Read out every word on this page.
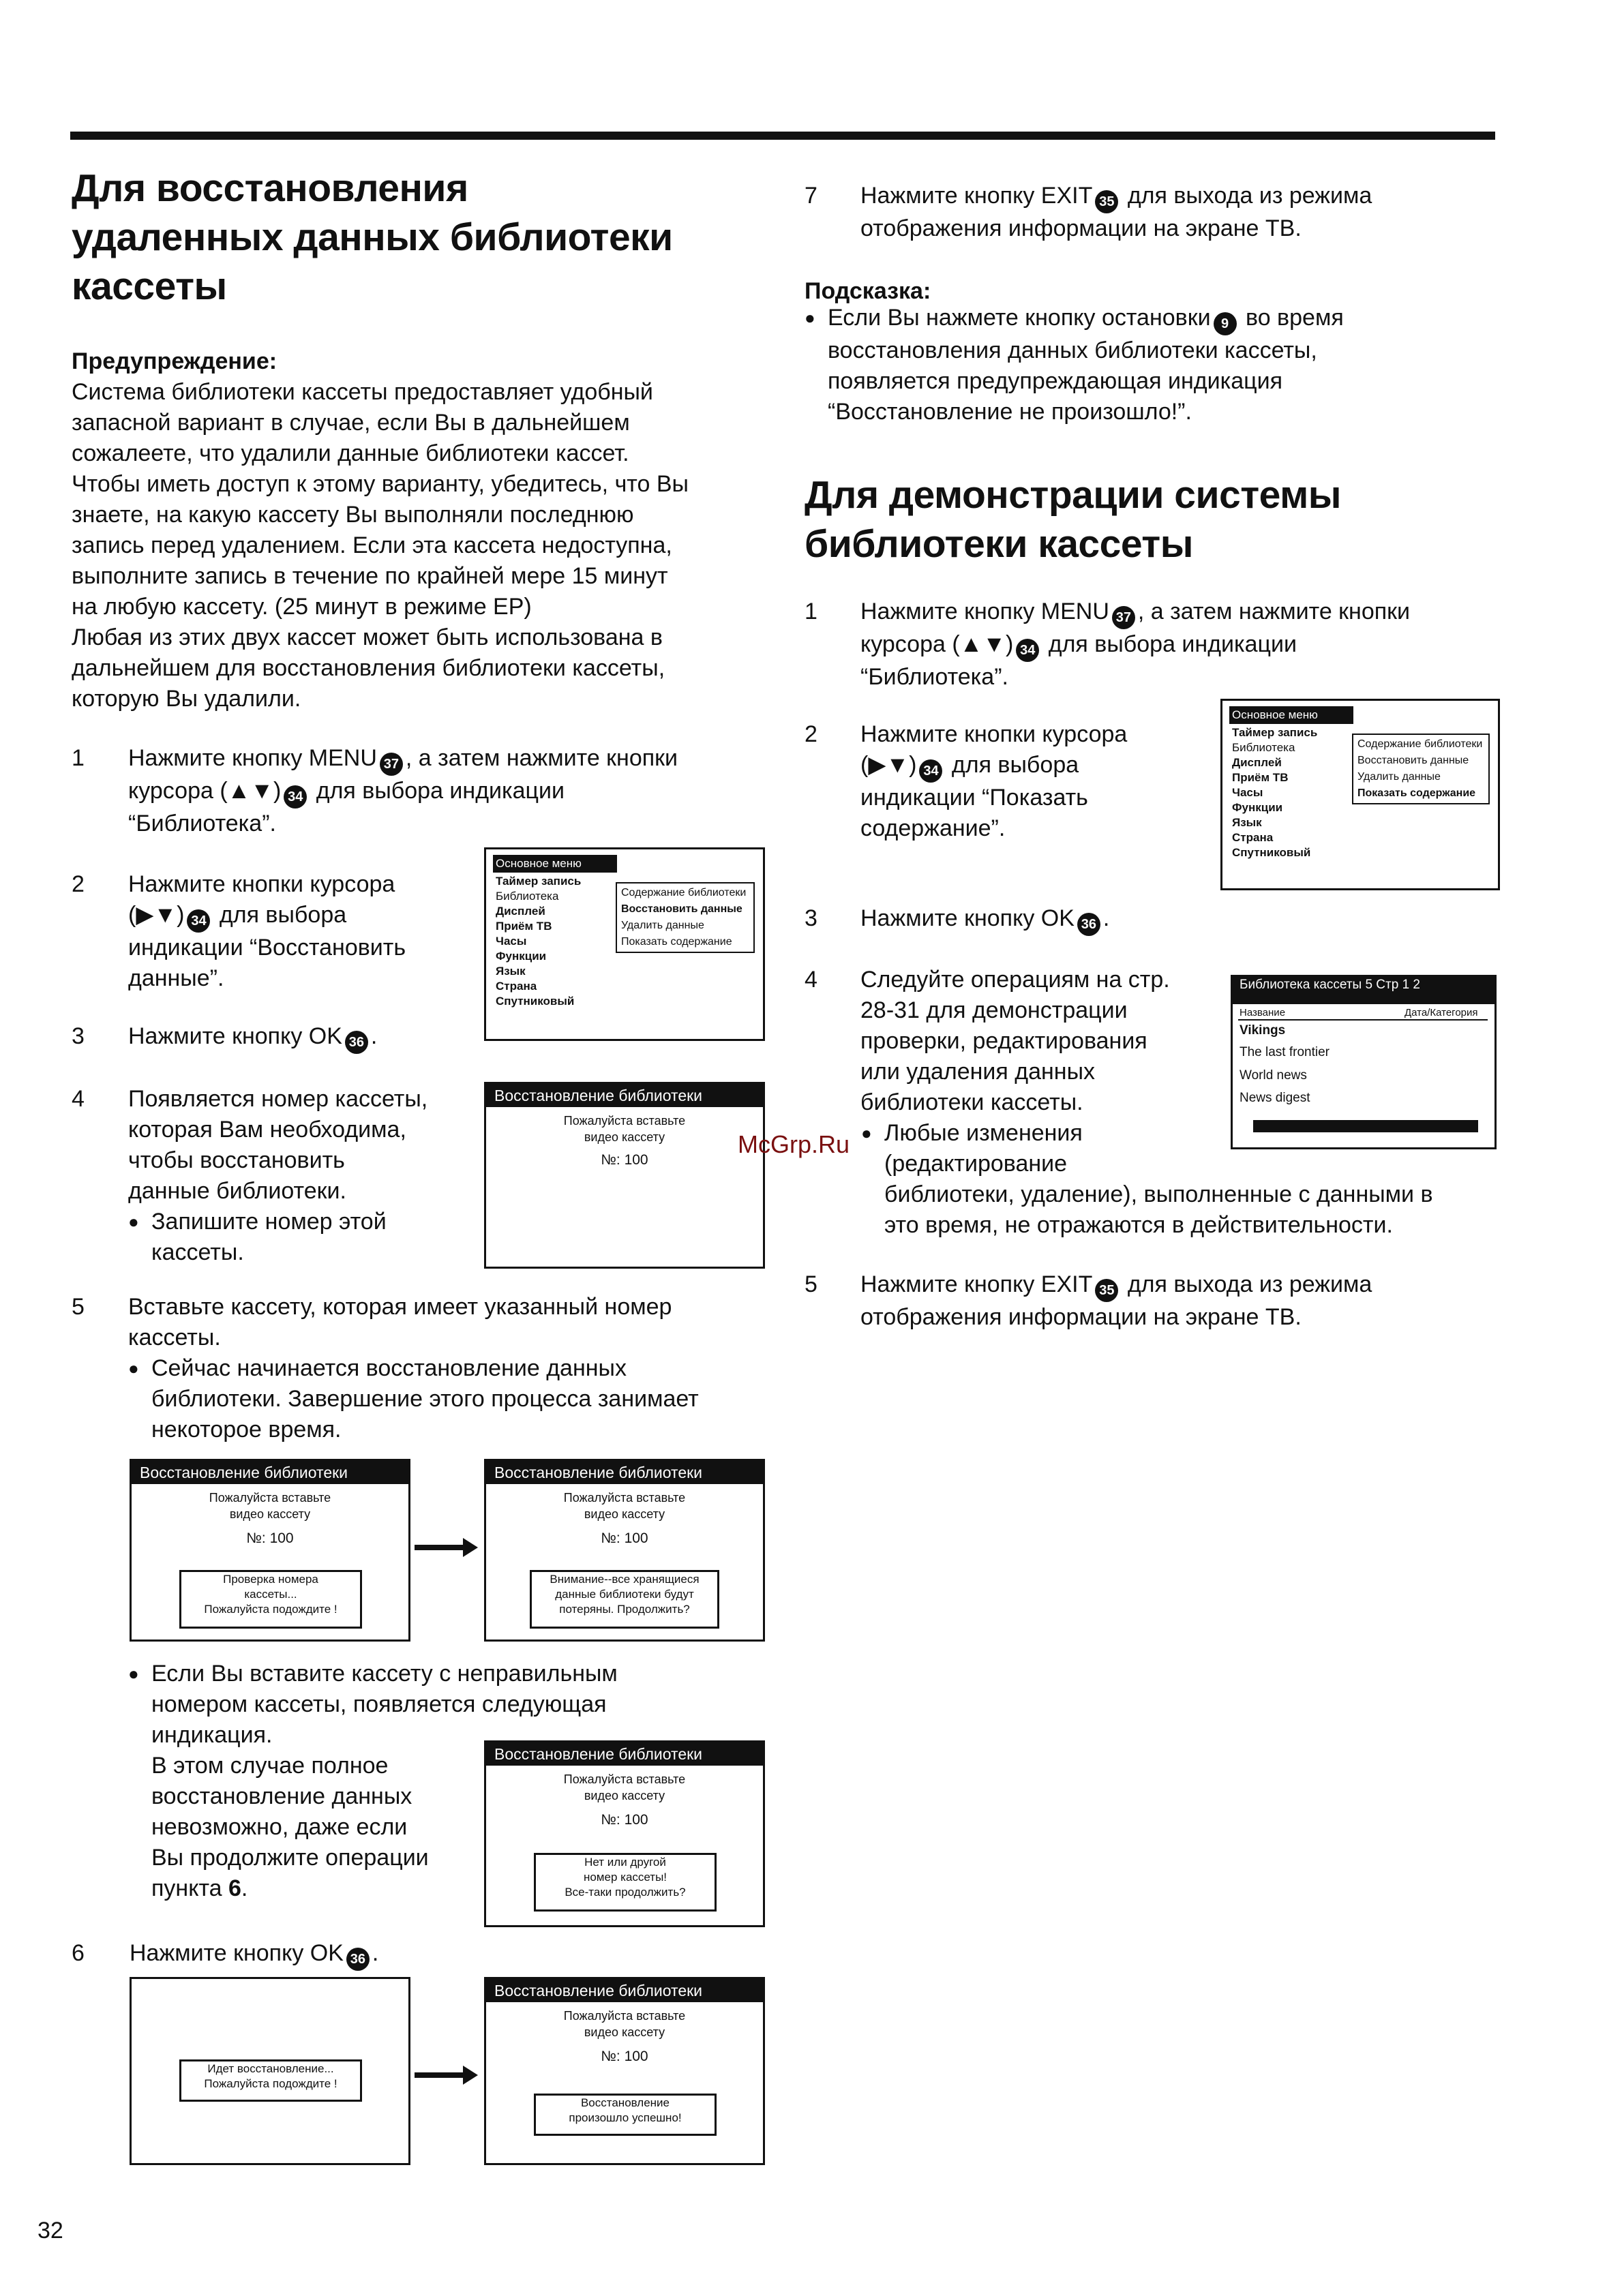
Для восстановления
удаленных данных библиотеки
кассеты
Предупреждение:
Система библиотеки кассеты предоставляет удобный
запасной вариант в случае, если Вы в дальнейшем
сожалеете, что удалили данные библиотеки кассет.
Чтобы иметь доступ к этому варианту, убедитесь, что Вы
знаете, на какую кассету Вы выполняли последнюю
запись перед удалением. Если эта кассета недоступна,
выполните запись в течение по крайней мере 15 минут
на любую кассету. (25 минут в режиме EP)
Любая из этих двух кассет может быть использована в
дальнейшем для восстановления библиотеки кассеты,
которую Вы удалили.
1 Нажмите кнопку MENU 37 , а затем нажмите кнопки
курсора (▲▼) 34 для выбора индикации
“Библиотека”.
2 Нажмите кнопки курсора
(▶▼) 34 для выбора
индикации “Восстановить
данные”.
Основное меню
Таймер запись
Библиотека
Дисплей
Приём ТВ
Часы
Функции
Язык
Страна
Спутниковый
Содержание библиотеки
Восстановить данные
Удалить данные
Показать содержание
3 Нажмите кнопку OK 36 .
4 Появляется номер кассеты,
которая Вам необходима,
чтобы восстановить
данные библиотеки.
● Запишите номер этой
кассеты.
Восстановление библиотеки
Пожалуйста вставьте
видео кассету
№: 100
5 Вставьте кассету, которая имеет указанный номер
кассеты.
● Сейчас начинается восстановление данных
библиотеки. Завершение этого процесса занимает
некоторое время.
Восстановление библиотеки
Пожалуйста вставьте
видео кассету
№: 100
Проверка номера
кассеты...
Пожалуйста подождите !
Восстановление библиотеки
Пожалуйста вставьте
видео кассету
№: 100
Внимание--все хранящиеся
данные библиотеки будут
потеряны. Продолжить?
● Если Вы вставите кассету с неправильным
номером кассеты, появляется следующая
индикация.
В этом случае полное
восстановление данных
невозможно, даже если
Вы продолжите операции
пункта 6.
Восстановление библиотеки
Пожалуйста вставьте
видео кассету
№: 100
Нет или другой
номер кассеты!
Все-таки продолжить?
6 Нажмите кнопку OK 36 .
Идет восстановление...
Пожалуйста подождите !
Восстановление библиотеки
Пожалуйста вставьте
видео кассету
№: 100
Восстановление
произошло успешно!
7 Нажмите кнопку EXIT 35 для выхода из режима
отображения информации на экране ТВ.
Подсказка:
● Если Вы нажмете кнопку остановки 9 во время
восстановления данных библиотеки кассеты,
появляется предупреждающая индикация
“Восстановление не произошло!”.
Для демонстрации системы
библиотеки кассеты
1 Нажмите кнопку MENU 37 , а затем нажмите кнопки
курсора (▲▼) 34 для выбора индикации
“Библиотека”.
2 Нажмите кнопки курсора
(▶▼) 34 для выбора
индикации “Показать
содержание”.
Основное меню
Таймер запись
Библиотека
Дисплей
Приём ТВ
Часы
Функции
Язык
Страна
Спутниковый
Содержание библиотеки
Восстановить данные
Удалить данные
Показать содержание
3 Нажмите кнопку OK 36 .
4 Следуйте операциям на стр.
28-31 для демонстрации
проверки, редактирования
или удаления данных
библиотеки кассеты.
● Любые изменения
(редактирование
библиотеки, удаление), выполненные с данными в
это время, не отражаются в действительности.
Библиотека кассеты 5 Стр 1 2
Название	Дата/Категория
Vikings
The last frontier
World news
News digest
5 Нажмите кнопку EXIT 35 для выхода из режима
отображения информации на экране ТВ.
McGrp.Ru
32
